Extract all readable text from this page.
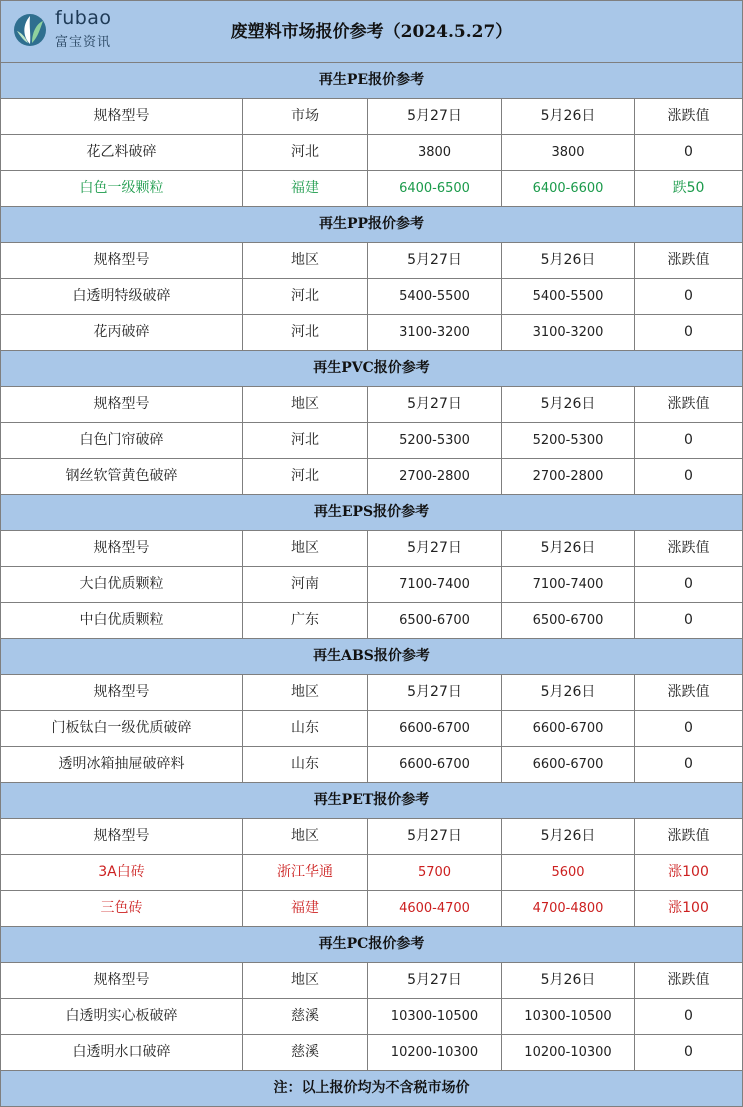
fubao
富宝资讯
废塑料市场报价参考（2024.5.27）
再生PE报价参考
规格型号	市场	5月27日	5月26日	涨跌值
花乙料破碎	河北	3800	3800	0
白色一级颗粒	福建	6400-6500	6400-6600	跌50
再生PP报价参考
规格型号	地区	5月27日	5月26日	涨跌值
白透明特级破碎	河北	5400-5500	5400-5500	0
花丙破碎	河北	3100-3200	3100-3200	0
再生PVC报价参考
规格型号	地区	5月27日	5月26日	涨跌值
白色门帘破碎	河北	5200-5300	5200-5300	0
钢丝软管黄色破碎	河北	2700-2800	2700-2800	0
再生EPS报价参考
规格型号	地区	5月27日	5月26日	涨跌值
大白优质颗粒	河南	7100-7400	7100-7400	0
中白优质颗粒	广东	6500-6700	6500-6700	0
再生ABS报价参考
规格型号	地区	5月27日	5月26日	涨跌值
门板钛白一级优质破碎	山东	6600-6700	6600-6700	0
透明冰箱抽屉破碎料	山东	6600-6700	6600-6700	0
再生PET报价参考
规格型号	地区	5月27日	5月26日	涨跌值
3A白砖	浙江华通	5700	5600	涨100
三色砖	福建	4600-4700	4700-4800	涨100
再生PC报价参考
规格型号	地区	5月27日	5月26日	涨跌值
白透明实心板破碎	慈溪	10300-10500	10300-10500	0
白透明水口破碎	慈溪	10200-10300	10200-10300	0
注：以上报价均为不含税市场价
